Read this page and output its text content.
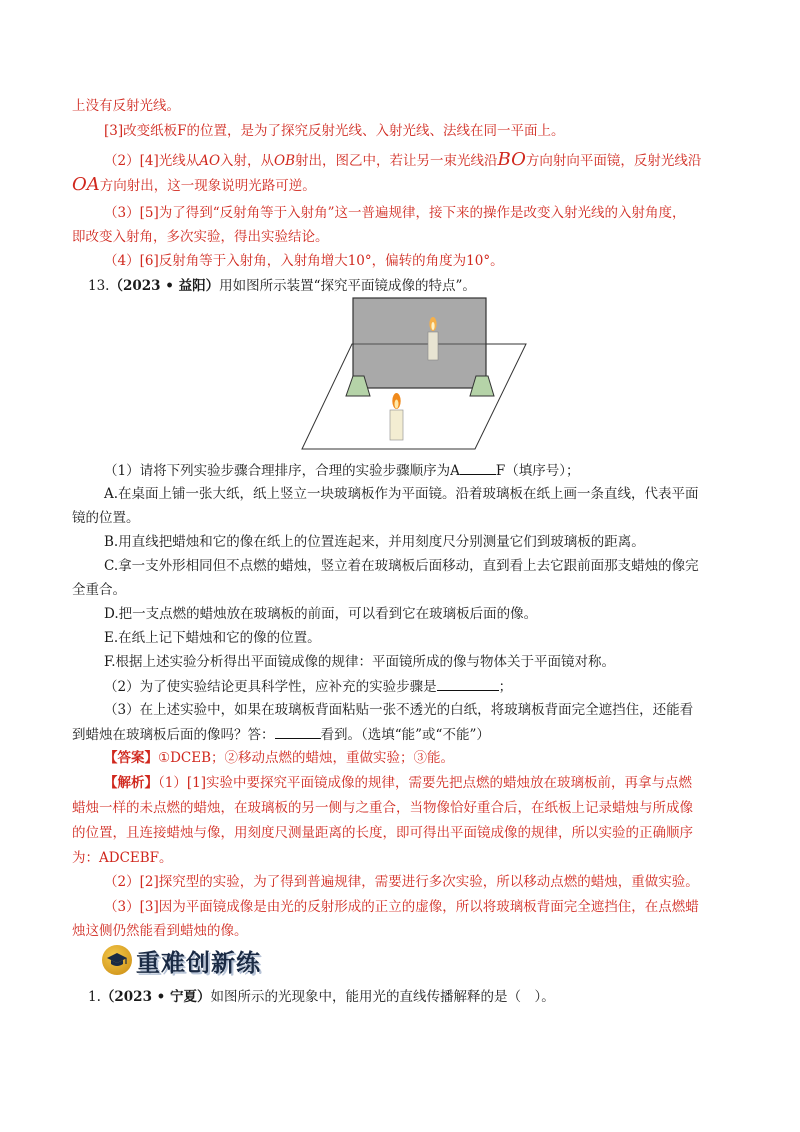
上没有反射光线。
[3]改变纸板F的位置，是为了探究反射光线、入射光线、法线在同一平面上。
（2）[4]光线从AO入射，从OB射出，图乙中，若让另一束光线沿BO方向射向平面镜，反射光线沿
OA方向射出，这一现象说明光路可逆。
（3）[5]为了得到“反射角等于入射角”这一普遍规律，接下来的操作是改变入射光线的入射角度，
即改变入射角，多次实验，得出实验结论。
（4）[6]反射角等于入射角，入射角增大10°，偏转的角度为10°。
13.（2023 • 益阳）用如图所示装置“探究平面镜成像的特点”。
（1）请将下列实验步骤合理排序，合理的实验步骤顺序为A	F（填序号）；
A.在桌面上铺一张大纸，纸上竖立一块玻璃板作为平面镜。沿着玻璃板在纸上画一条直线，代表平面
镜的位置。
B.用直线把蜡烛和它的像在纸上的位置连起来，并用刻度尺分别测量它们到玻璃板的距离。
C.拿一支外形相同但不点燃的蜡烛，竖立着在玻璃板后面移动，直到看上去它跟前面那支蜡烛的像完
全重合。
D.把一支点燃的蜡烛放在玻璃板的前面，可以看到它在玻璃板后面的像。
E.在纸上记下蜡烛和它的像的位置。
F.根据上述实验分析得出平面镜成像的规律：平面镜所成的像与物体关于平面镜对称。
（2）为了使实验结论更具科学性，应补充的实验步骤是	；
（3）在上述实验中，如果在玻璃板背面粘贴一张不透光的白纸，将玻璃板背面完全遮挡住，还能看
到蜡烛在玻璃板后面的像吗？答：	看到。（选填“能”或“不能”）
【答案】①DCEB；②移动点燃的蜡烛，重做实验；③能。
【解析】（1）[1]实验中要探究平面镜成像的规律，需要先把点燃的蜡烛放在玻璃板前，再拿与点燃
蜡烛一样的未点燃的蜡烛，在玻璃板的另一侧与之重合，当物像恰好重合后，在纸板上记录蜡烛与所成像
的位置，且连接蜡烛与像，用刻度尺测量距离的长度，即可得出平面镜成像的规律，所以实验的正确顺序
为：ADCEBF。
（2）[2]探究型的实验，为了得到普遍规律，需要进行多次实验，所以移动点燃的蜡烛，重做实验。
（3）[3]因为平面镜成像是由光的反射形成的正立的虚像，所以将玻璃板背面完全遮挡住，在点燃蜡
烛这侧仍然能看到蜡烛的像。
重难创新练
1.（2023 • 宁夏）如图所示的光现象中，能用光的直线传播解释的是（　）。
